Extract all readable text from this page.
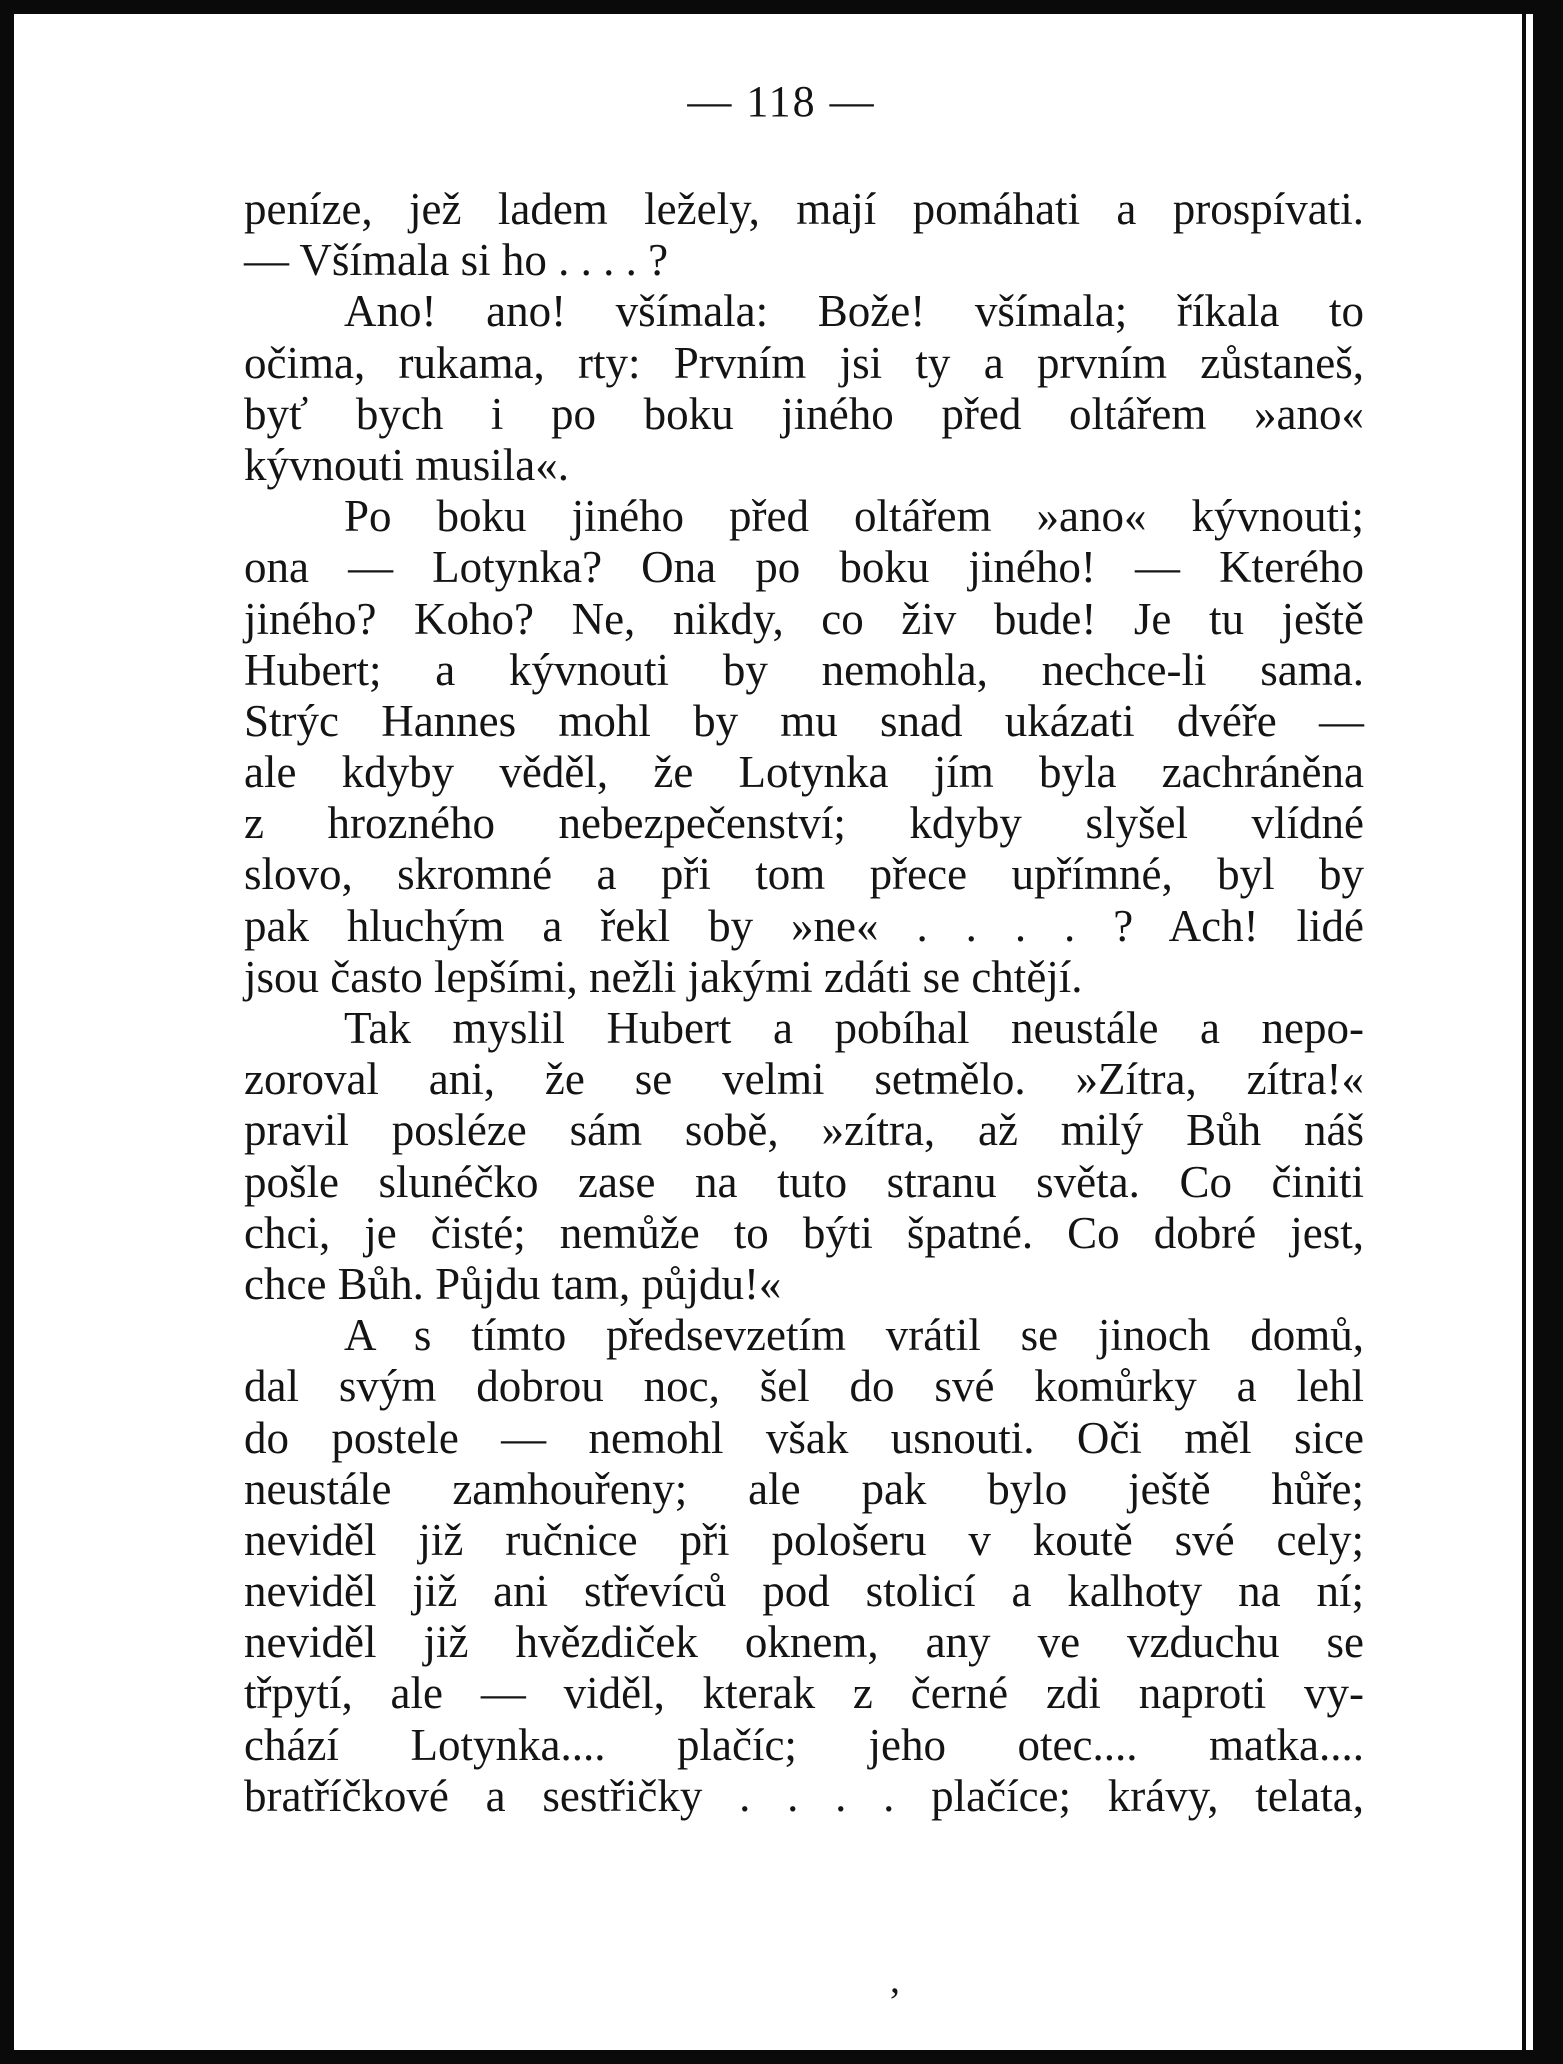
— 118 —
peníze, jež ladem ležely, mají pomáhati a prospívati.
— Všímala si ho . . . . ?
Ano! ano! všímala: Bože! všímala; říkala to
očima, rukama, rty: Prvním jsi ty a prvním zůstaneš,
byť bych i po boku jiného před oltářem »ano«
kývnouti musila«.
Po boku jiného před oltářem »ano« kývnouti;
ona — Lotynka? Ona po boku jiného! — Kterého
jiného? Koho? Ne, nikdy, co živ bude! Je tu ještě
Hubert; a kývnouti by nemohla, nechce-li sama.
Strýc Hannes mohl by mu snad ukázati dvéře —
ale kdyby věděl, že Lotynka jím byla zachráněna
z hrozného nebezpečenství; kdyby slyšel vlídné
slovo, skromné a při tom přece upřímné, byl by
pak hluchým a řekl by »ne« . . . . ? Ach! lidé
jsou často lepšími, nežli jakými zdáti se chtějí.
Tak myslil Hubert a pobíhal neustále a nepo-
zoroval ani, že se velmi setmělo. »Zítra, zítra!«
pravil posléze sám sobě, »zítra, až milý Bůh náš
pošle slunéčko zase na tuto stranu světa. Co činiti
chci, je čisté; nemůže to býti špatné. Co dobré jest,
chce Bůh. Půjdu tam, půjdu!«
A s tímto předsevzetím vrátil se jinoch domů,
dal svým dobrou noc, šel do své komůrky a lehl
do postele — nemohl však usnouti. Oči měl sice
neustále zamhouřeny; ale pak bylo ještě hůře;
neviděl již ručnice při pološeru v koutě své cely;
neviděl již ani střevíců pod stolicí a kalhoty na ní;
neviděl již hvězdiček oknem, any ve vzduchu se
třpytí, ale — viděl, kterak z černé zdi naproti vy-
chází Lotynka.... plačíc; jeho otec.... matka....
bratříčkové a sestřičky . . . . plačíce; krávy, telata,
’
